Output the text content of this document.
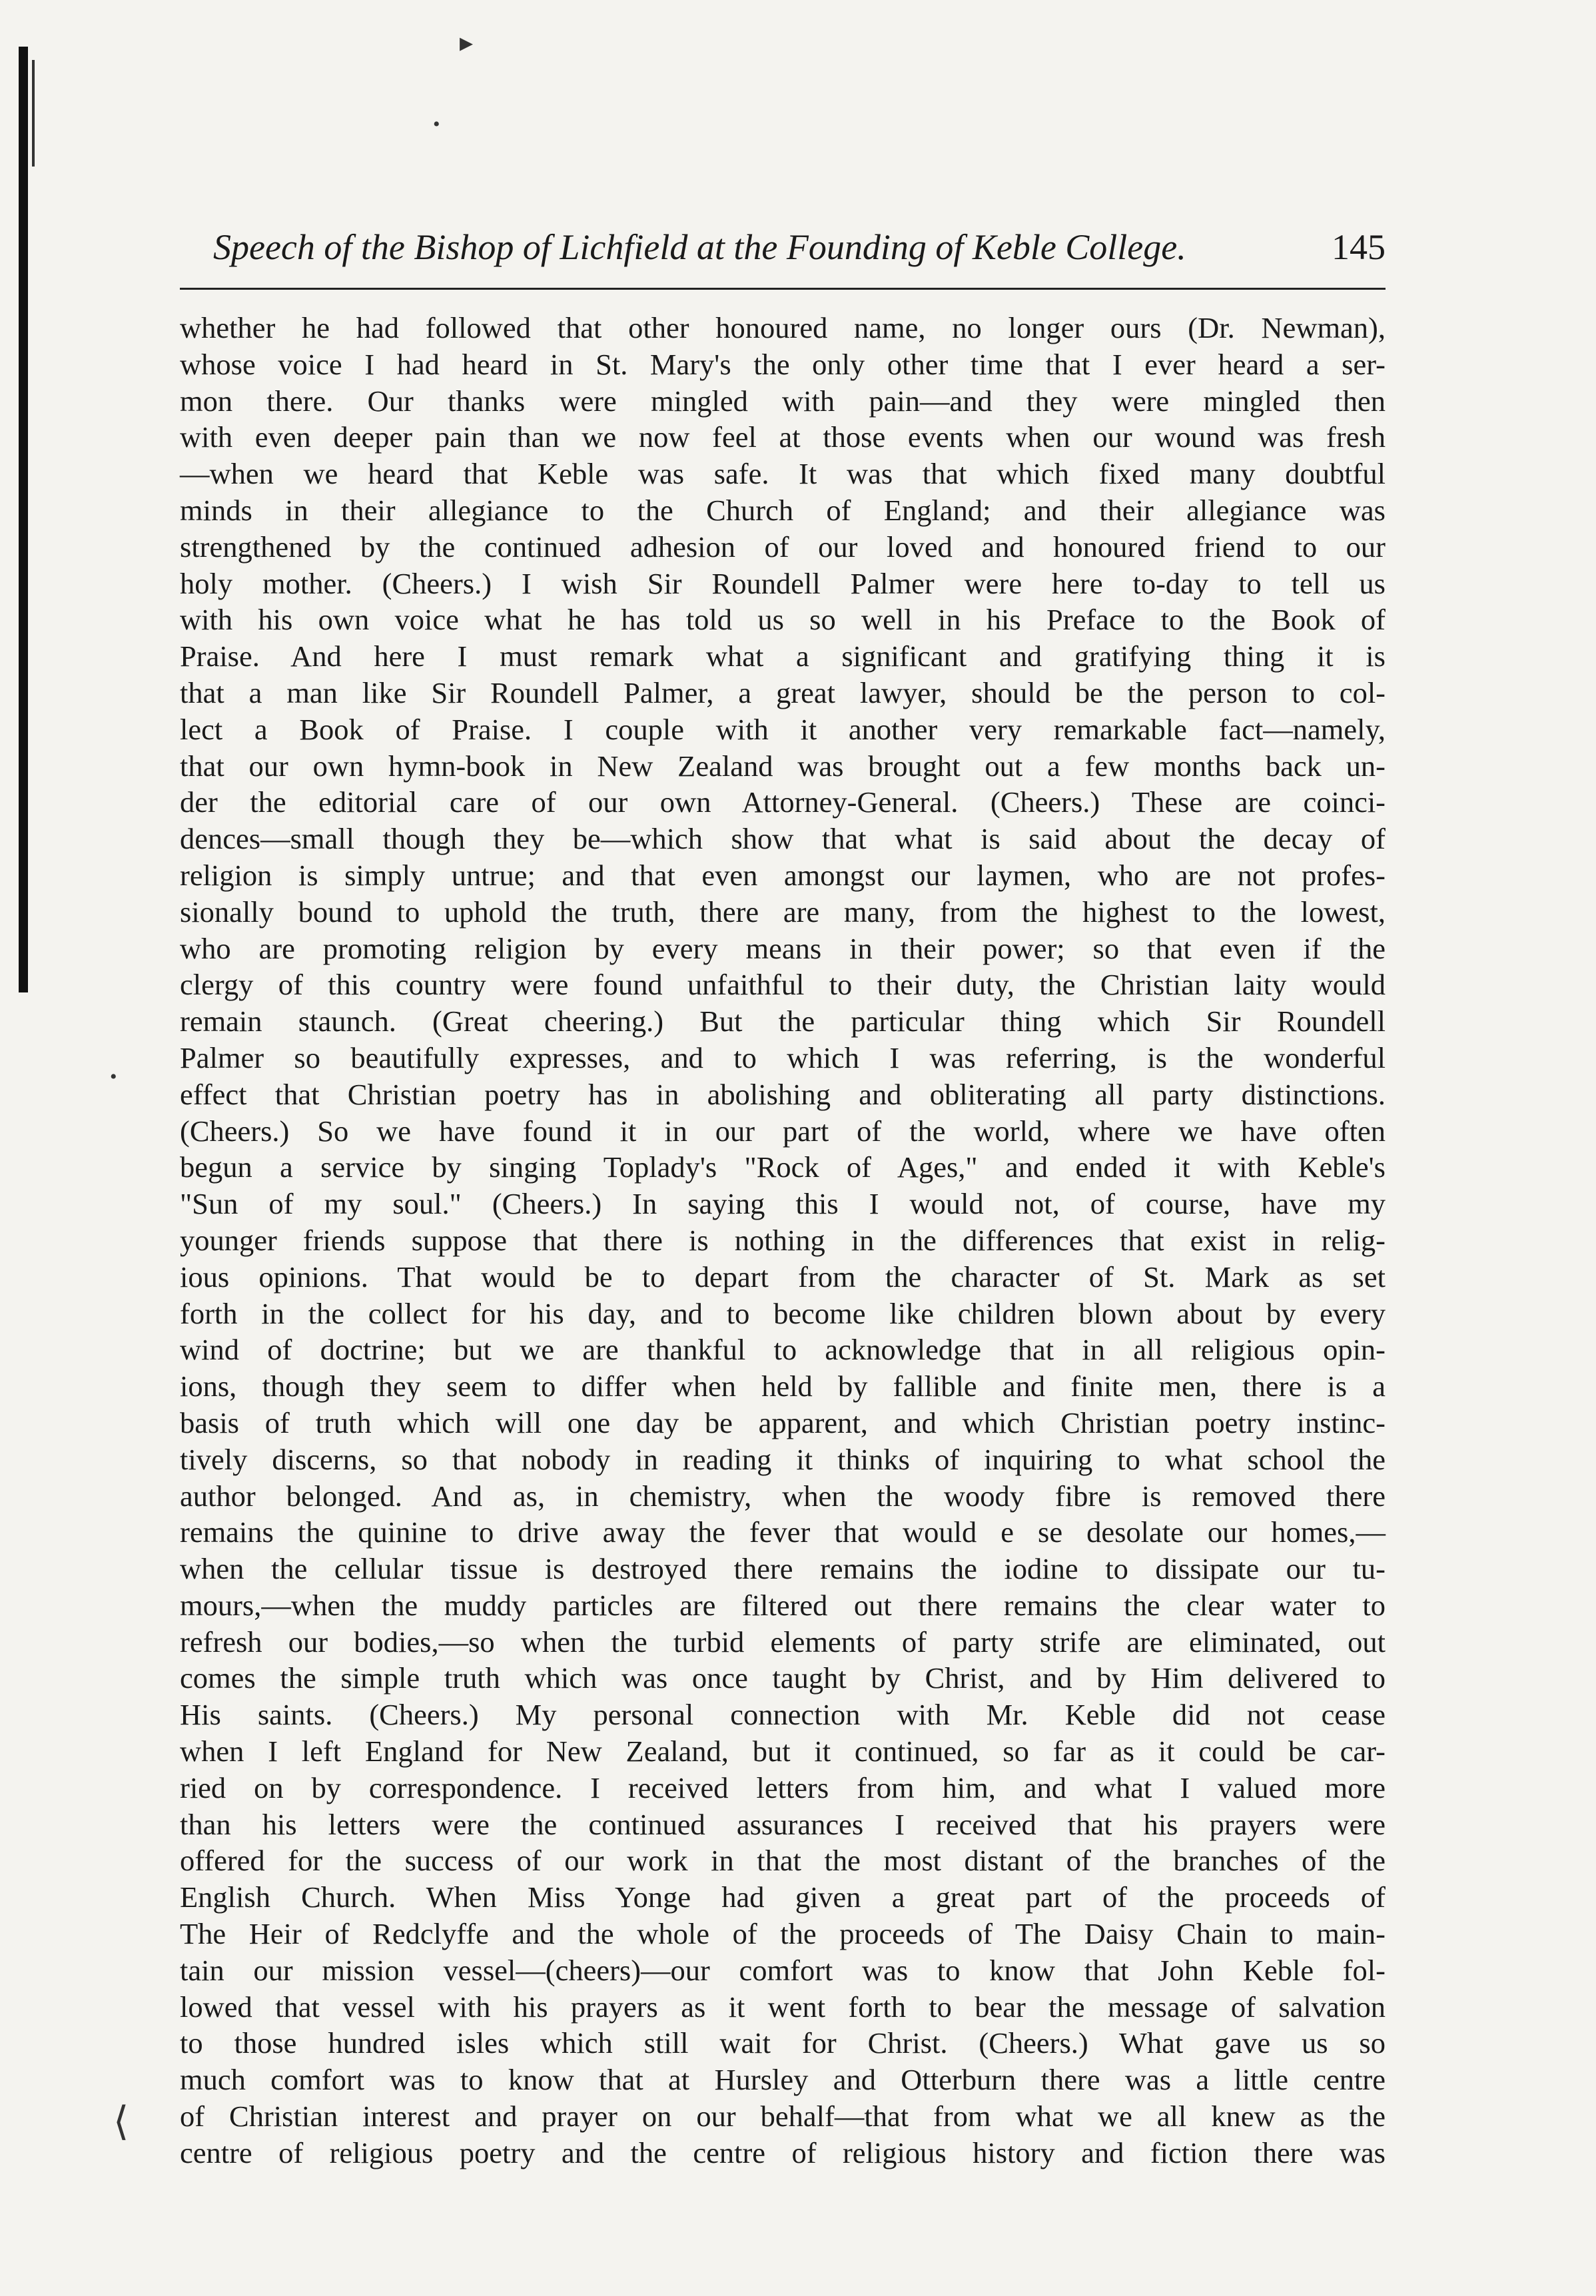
▸
•
•
⟨
Speech of the Bishop of Lichfield at the Founding of Keble College.	145
whether he had followed that other honoured name, no longer ours (Dr. Newman),
whose voice I had heard in St. Mary's the only other time that I ever heard a ser-
mon there. Our thanks were mingled with pain—and they were mingled then
with even deeper pain than we now feel at those events when our wound was fresh
—when we heard that Keble was safe. It was that which fixed many doubtful
minds in their allegiance to the Church of England; and their allegiance was
strengthened by the continued adhesion of our loved and honoured friend to our
holy mother. (Cheers.) I wish Sir Roundell Palmer were here to-day to tell us
with his own voice what he has told us so well in his Preface to the Book of
Praise. And here I must remark what a significant and gratifying thing it is
that a man like Sir Roundell Palmer, a great lawyer, should be the person to col-
lect a Book of Praise. I couple with it another very remarkable fact—namely,
that our own hymn-book in New Zealand was brought out a few months back un-
der the editorial care of our own Attorney-General. (Cheers.) These are coinci-
dences—small though they be—which show that what is said about the decay of
religion is simply untrue; and that even amongst our laymen, who are not profes-
sionally bound to uphold the truth, there are many, from the highest to the lowest,
who are promoting religion by every means in their power; so that even if the
clergy of this country were found unfaithful to their duty, the Christian laity would
remain staunch. (Great cheering.) But the particular thing which Sir Roundell
Palmer so beautifully expresses, and to which I was referring, is the wonderful
effect that Christian poetry has in abolishing and obliterating all party distinctions.
(Cheers.) So we have found it in our part of the world, where we have often
begun a service by singing Toplady's "Rock of Ages," and ended it with Keble's
"Sun of my soul." (Cheers.) In saying this I would not, of course, have my
younger friends suppose that there is nothing in the differences that exist in relig-
ious opinions. That would be to depart from the character of St. Mark as set
forth in the collect for his day, and to become like children blown about by every
wind of doctrine; but we are thankful to acknowledge that in all religious opin-
ions, though they seem to differ when held by fallible and finite men, there is a
basis of truth which will one day be apparent, and which Christian poetry instinc-
tively discerns, so that nobody in reading it thinks of inquiring to what school the
author belonged. And as, in chemistry, when the woody fibre is removed there
remains the quinine to drive away the fever that would e se desolate our homes,—
when the cellular tissue is destroyed there remains the iodine to dissipate our tu-
mours,—when the muddy particles are filtered out there remains the clear water to
refresh our bodies,—so when the turbid elements of party strife are eliminated, out
comes the simple truth which was once taught by Christ, and by Him delivered to
His saints. (Cheers.) My personal connection with Mr. Keble did not cease
when I left England for New Zealand, but it continued, so far as it could be car-
ried on by correspondence. I received letters from him, and what I valued more
than his letters were the continued assurances I received that his prayers were
offered for the success of our work in that the most distant of the branches of the
English Church. When Miss Yonge had given a great part of the proceeds of
The Heir of Redclyffe and the whole of the proceeds of The Daisy Chain to main-
tain our mission vessel—(cheers)—our comfort was to know that John Keble fol-
lowed that vessel with his prayers as it went forth to bear the message of salvation
to those hundred isles which still wait for Christ. (Cheers.) What gave us so
much comfort was to know that at Hursley and Otterburn there was a little centre
of Christian interest and prayer on our behalf—that from what we all knew as the
centre of religious poetry and the centre of religious history and fiction there was
